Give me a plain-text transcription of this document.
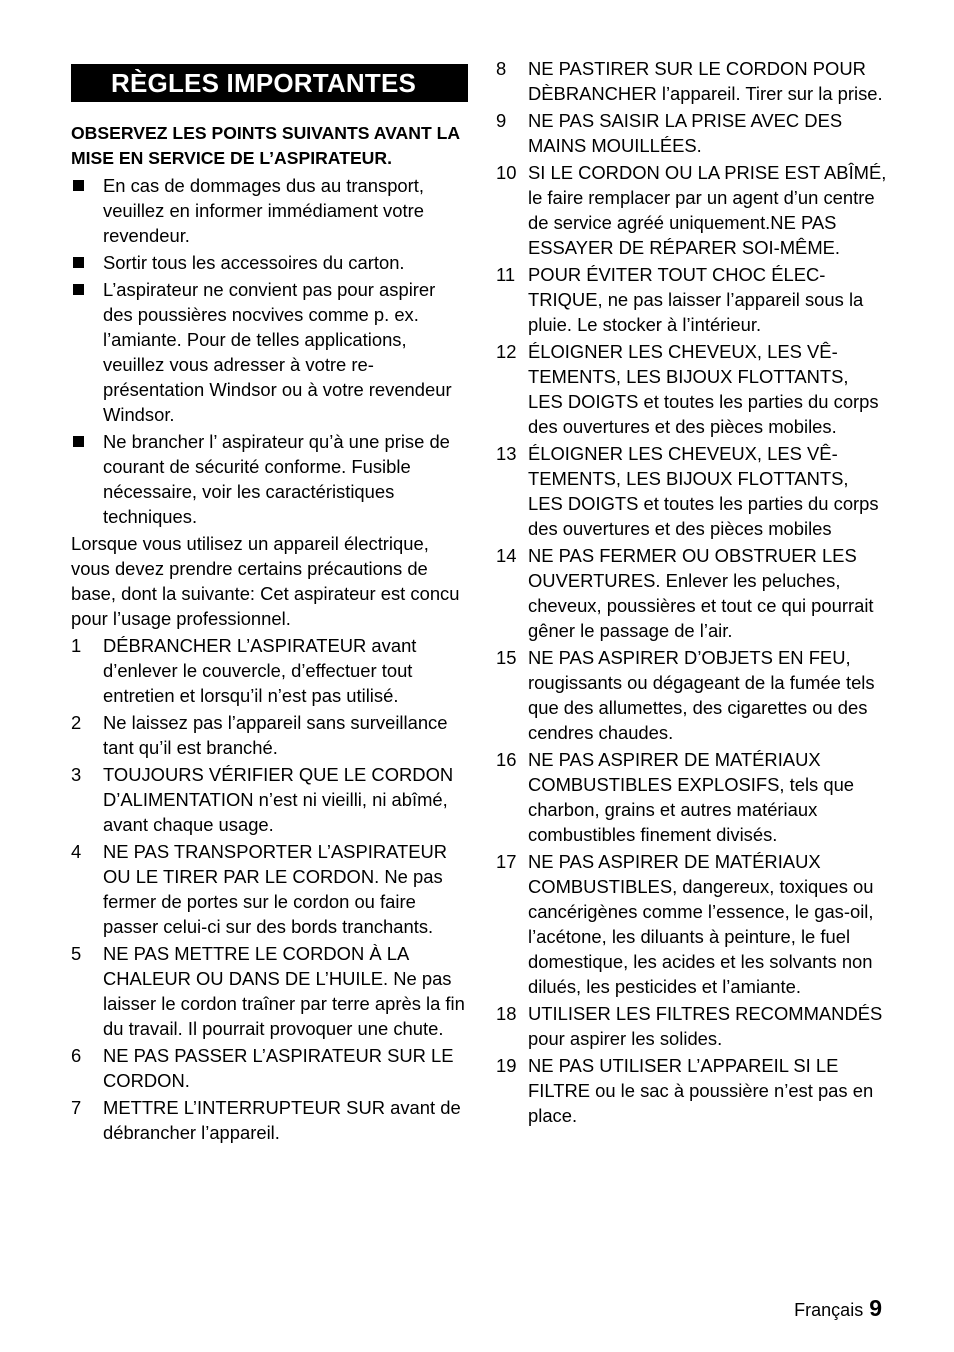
RÈGLES IMPORTANTES
OBSERVEZ LES POINTS SUIVANTS AVANT LA MISE EN SERVICE DE L’ASPIRATEUR.
En cas de dommages dus au transport, veuillez en informer immédiament votre revendeur.
Sortir tous les accessoires du carton.
L’aspirateur ne convient pas pour aspirer des poussières nocvives comme p. ex. l’amiante. Pour de telles applications, veuillez vous adresser à votre représentation Windsor ou à votre revendeur Windsor.
Ne brancher l’ aspirateur qu’à une prise de courant de sécurité conforme. Fusible nécessaire, voir les caractéristiques techniques.
Lorsque vous utilisez un appareil électrique, vous devez prendre certains précautions de base, dont la suivante: Cet aspirateur est concu pour l’usage professionnel.
1	DÉBRANCHER L’ASPIRATEUR avant d’enlever le couvercle, d’effectuer tout entretien et lorsqu’il n’est pas utilisé.
2	Ne laissez pas l’appareil sans surveillance tant qu’il est branché.
3	TOUJOURS VÉRIFIER QUE LE CORDON D’ALIMENTATION n’est ni vieilli, ni abîmé, avant chaque usage.
4	NE PAS TRANSPORTER L’ASPIRATEUR OU LE TIRER PAR LE CORDON. Ne pas fermer de portes sur le cordon ou faire passer celui-ci sur des bords tranchants.
5	NE PAS METTRE LE CORDON À LA CHALEUR OU DANS DE L’HUILE. Ne pas laisser le cordon traîner par terre après la fin du travail. Il pourrait provoquer une chute.
6	NE PAS PASSER L’ASPIRATEUR SUR LE CORDON.
7	METTRE L’INTERRUPTEUR SUR avant de débrancher l’appareil.
8	NE PASTIRER SUR LE CORDON POUR DÈBRANCHER l’appareil. Tirer sur la prise.
9	NE PAS SAISIR LA PRISE AVEC DES MAINS MOUILLÉES.
10 SI LE CORDON OU LA PRISE EST ABÎMÉ, le faire remplacer par un agent d’un centre de service agréé uniquement.NE PAS ESSAYER DE RÉPARER SOI-MÊME.
11 POUR ÉVITER TOUT CHOC ÉLECTRIQUE, ne pas laisser l’appareil sous la pluie. Le stocker à l’intérieur.
12 ÉLOIGNER LES CHEVEUX, LES VÊTEMENTS, LES BIJOUX FLOTTANTS, LES DOIGTS et toutes les parties du corps des ouvertures et des pièces mobiles.
13 ÉLOIGNER LES CHEVEUX, LES VÊTEMENTS, LES BIJOUX FLOTTANTS, LES DOIGTS et toutes les parties du corps des ouvertures et des pièces mobiles
14 NE PAS FERMER OU OBSTRUER LES OUVERTURES. Enlever les peluches, cheveux, poussières et tout ce qui pourrait gêner le passage de l’air.
15 NE PAS ASPIRER D’OBJETS EN FEU, rougissants ou dégageant de la fumée tels que des allumettes, des cigarettes ou des cendres chaudes.
16 NE PAS ASPIRER DE MATÉRIAUX COMBUSTIBLES EXPLOSIFS, tels que charbon, grains et autres matériaux combustibles finement divisés.
17 NE PAS ASPIRER DE MATÉRIAUX COMBUSTIBLES, dangereux, toxiques ou cancérigènes comme l’essence, le gas-oil, l’acétone, les diluants à peinture, le fuel domestique, les acides et les solvants non dilués, les pesticides et l’amiante.
18 UTILISER LES FILTRES RECOMMANDÉS pour aspirer les solides.
19 NE PAS UTILISER L’APPAREIL SI LE FILTRE ou le sac à poussière n’est pas en place.
Français 9
